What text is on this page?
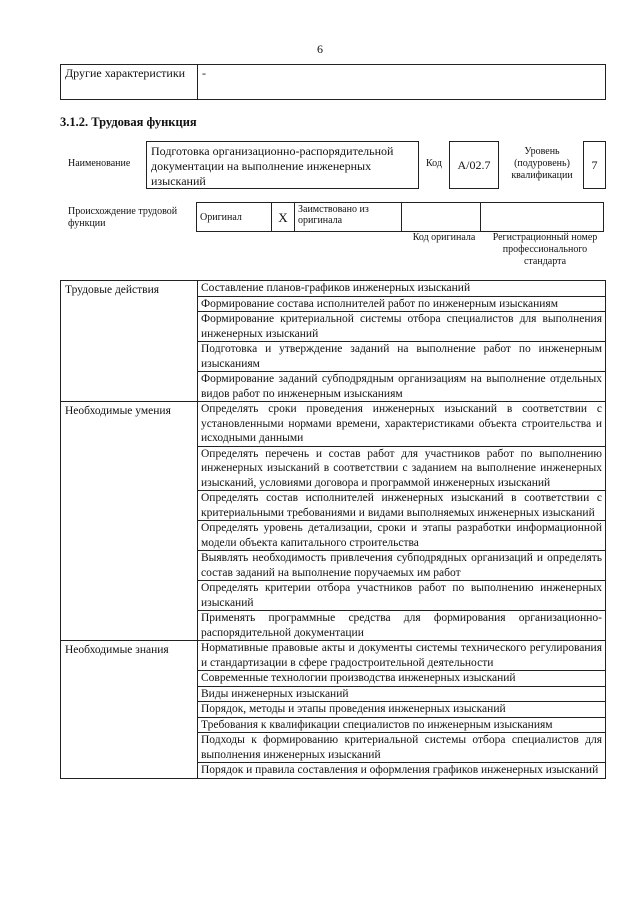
6
Другие характеристики	-
3.1.2. Трудовая функция
Наименование
Подготовка организационно-распорядительной документации на выполнение инженерных изысканий
Код	А/02.7
Уровень (подуровень) квалификации
7
Происхождение трудовой функции
Оригинал	X	Заимствовано из оригинала		
Код оригинала	Регистрационный номер профессионального стандарта
Трудовые действия	Составление планов-графиков инженерных изысканий
	Формирование состава исполнителей работ по инженерным изысканиям
	Формирование критериальной системы отбора специалистов для выполнения инженерных изысканий
	Подготовка и утверждение заданий на выполнение работ по инженерным изысканиям
	Формирование заданий субподрядным организациям на выполнение отдельных видов работ по инженерным изысканиям
Необходимые умения	Определять сроки проведения инженерных изысканий в соответствии с установленными нормами времени, характеристиками объекта строительства и исходными данными
	Определять перечень и состав работ для участников работ по выполнению инженерных изысканий в соответствии с заданием на выполнение инженерных изысканий, условиями договора и программой инженерных изысканий
	Определять состав исполнителей инженерных изысканий в соответствии с критериальными требованиями и видами выполняемых инженерных изысканий
	Определять уровень детализации, сроки и этапы разработки информационной модели объекта капитального строительства
	Выявлять необходимость привлечения субподрядных организаций и определять состав заданий на выполнение поручаемых им работ
	Определять критерии отбора участников работ по выполнению инженерных изысканий
	Применять программные средства для формирования организационно-распорядительной документации
Необходимые знания	Нормативные правовые акты и документы системы технического регулирования и стандартизации в сфере градостроительной деятельности
	Современные технологии производства инженерных изысканий
	Виды инженерных изысканий
	Порядок, методы и этапы проведения инженерных изысканий
	Требования к квалификации специалистов по инженерным изысканиям
	Подходы к формированию критериальной системы отбора специалистов для выполнения инженерных изысканий
	Порядок и правила составления и оформления графиков инженерных изысканий
